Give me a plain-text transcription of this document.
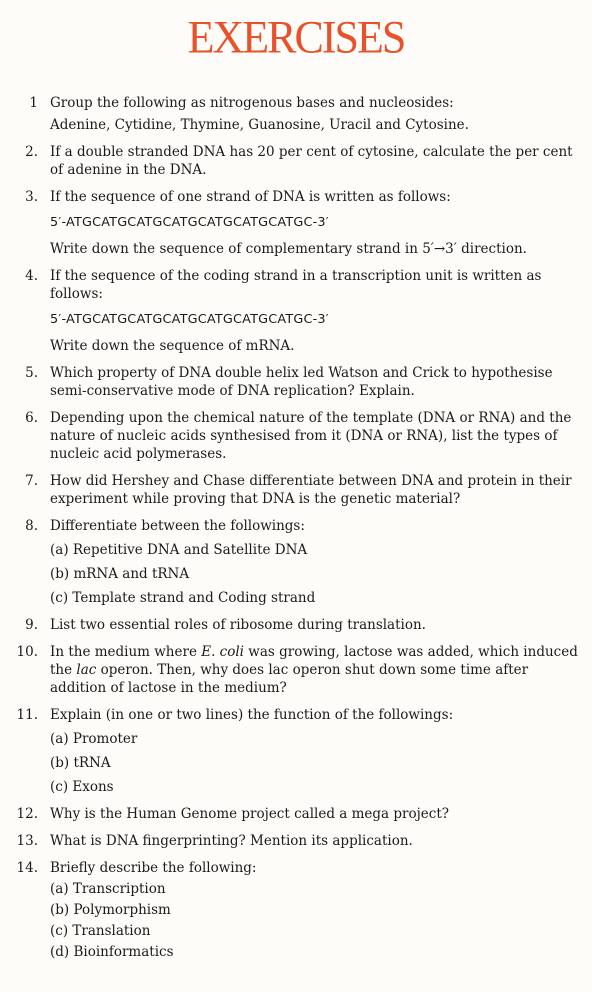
EXERCISES
1 Group the following as nitrogenous bases and nucleosides:
Adenine, Cytidine, Thymine, Guanosine, Uracil and Cytosine.
2. If a double stranded DNA has 20 per cent of cytosine, calculate the per cent of adenine in the DNA.
3. If the sequence of one strand of DNA is written as follows:
5′-ATGCATGCATGCATGCATGCATGCATGC-3′
Write down the sequence of complementary strand in 5′→3′ direction.
4. If the sequence of the coding strand in a transcription unit is written as follows:
5′-ATGCATGCATGCATGCATGCATGCATGC-3′
Write down the sequence of mRNA.
5. Which property of DNA double helix led Watson and Crick to hypothesise semi-conservative mode of DNA replication? Explain.
6. Depending upon the chemical nature of the template (DNA or RNA) and the nature of nucleic acids synthesised from it (DNA or RNA), list the types of nucleic acid polymerases.
7. How did Hershey and Chase differentiate between DNA and protein in their experiment while proving that DNA is the genetic material?
8. Differentiate between the followings:
(a) Repetitive DNA and Satellite DNA
(b) mRNA and tRNA
(c) Template strand and Coding strand
9. List two essential roles of ribosome during translation.
10. In the medium where E. coli was growing, lactose was added, which induced the lac operon. Then, why does lac operon shut down some time after addition of lactose in the medium?
11. Explain (in one or two lines) the function of the followings:
(a) Promoter
(b) tRNA
(c) Exons
12. Why is the Human Genome project called a mega project?
13. What is DNA fingerprinting? Mention its application.
14. Briefly describe the following:
(a) Transcription
(b) Polymorphism
(c) Translation
(d) Bioinformatics
